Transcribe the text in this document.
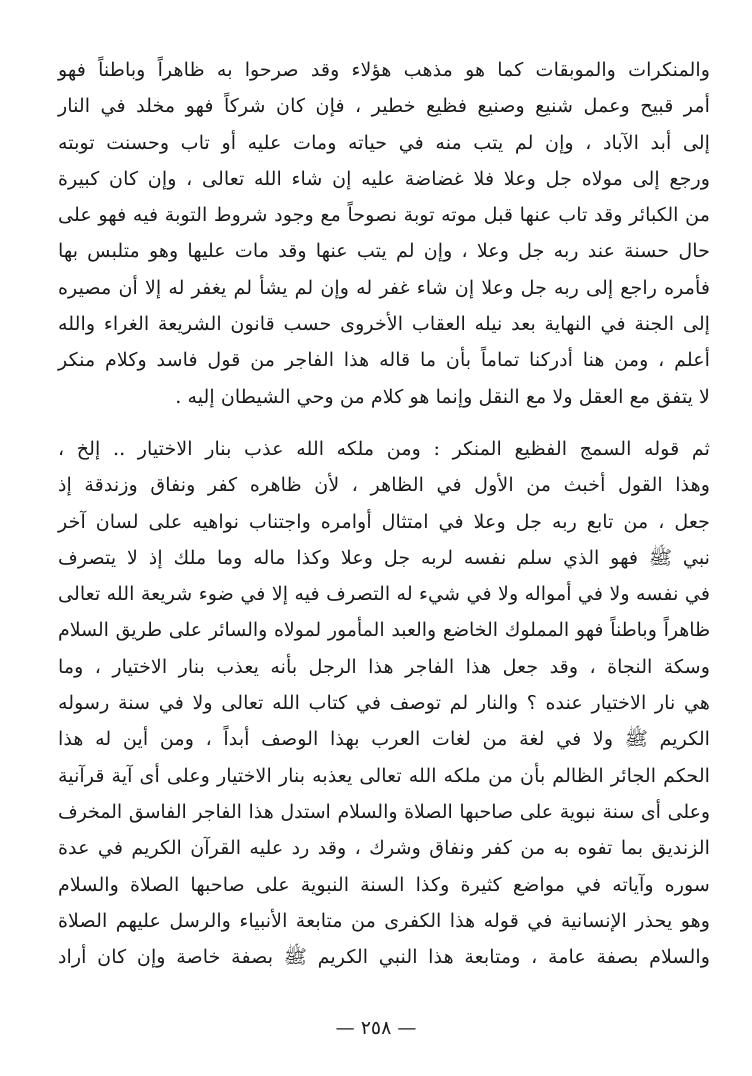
والمنكرات والموبقات كما هو مذهب هؤلاء وقد صرحوا به ظاهراً وباطناً فهو
أمر قبيح وعمل شنيع وصنيع فظيع خطير ، فإن كان شركاً فهو مخلد في النار
إلى أبد الآباد ، وإن لم يتب منه في حياته ومات عليه أو تاب وحسنت توبته
ورجع إلى مولاه جل وعلا فلا غضاضة عليه إن شاء الله تعالى ، وإن كان كبيرة
من الكبائر وقد تاب عنها قبل موته توبة نصوحاً مع وجود شروط التوبة فيه فهو على
حال حسنة عند ربه جل وعلا ، وإن لم يتب عنها وقد مات عليها وهو متلبس بها
فأمره راجع إلى ربه جل وعلا إن شاء غفر له وإن لم يشأ لم يغفر له إلا أن مصيره
إلى الجنة في النهاية بعد نيله العقاب الأخروى حسب قانون الشريعة الغراء والله
أعلم ، ومن هنا أدركنا تماماً بأن ما قاله هذا الفاجر من قول فاسد وكلام منكر
لا يتفق مع العقل ولا مع النقل وإنما هو كلام من وحي الشيطان إليه .

ثم قوله السمج الفظيع المنكر : ومن ملكه الله عذب بنار الاختيار .. إلخ ،
وهذا القول أخبث من الأول في الظاهر ، لأن ظاهره كفر ونفاق وزندقة إذ
جعل ، من تابع ربه جل وعلا في امتثال أوامره واجتناب نواهيه على لسان آخر
نبي ﷺ فهو الذي سلم نفسه لربه جل وعلا وكذا ماله وما ملك إذ لا يتصرف
في نفسه ولا في أمواله ولا في شيء له التصرف فيه إلا في ضوء شريعة الله تعالى
ظاهراً وباطناً فهو المملوك الخاضع والعبد المأمور لمولاه والسائر على طريق السلام
وسكة النجاة ، وقد جعل هذا الفاجر هذا الرجل بأنه يعذب بنار الاختيار ، وما
هي نار الاختيار عنده ؟ والنار لم توصف في كتاب الله تعالى ولا في سنة رسوله
الكريم ﷺ ولا في لغة من لغات العرب بهذا الوصف أبداً ، ومن أين له هذا
الحكم الجائر الظالم بأن من ملكه الله تعالى يعذبه بنار الاختيار وعلى أى آية قرآنية
وعلى أى سنة نبوية على صاحبها الصلاة والسلام استدل هذا الفاجر الفاسق المخرف
الزنديق بما تفوه به من كفر ونفاق وشرك ، وقد رد عليه القرآن الكريم في عدة
سوره وآياته في مواضع كثيرة وكذا السنة النبوية على صاحبها الصلاة والسلام
وهو يحذر الإنسانية في قوله هذا الكفرى من متابعة الأنبياء والرسل عليهم الصلاة
والسلام بصفة عامة ، ومتابعة هذا النبي الكريم ﷺ بصفة خاصة وإن كان أراد

— ٢٥٨ —
